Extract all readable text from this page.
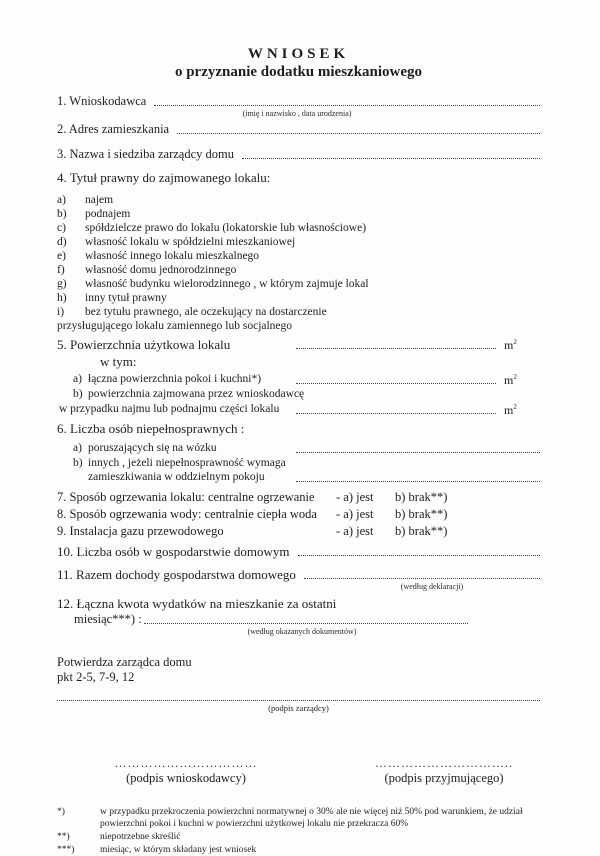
WNIOSEK
o przyznanie dodatku mieszkaniowego
1. Wnioskodawca
(imię i nazwisko , data urodzenia)
2. Adres zamieszkania
3. Nazwa i siedziba zarządcy domu
4. Tytuł prawny do zajmowanego lokalu:
a)	najem
b)	podnajem
c)	spółdzielcze prawo do lokalu (lokatorskie lub własnościowe)
d)	własność lokalu w spółdzielni mieszkaniowej
e)	własność innego lokalu mieszkalnego
f)	własność domu jednorodzinnego
g)	własność budynku wielorodzinnego , w którym zajmuje lokal
h)	inny tytuł prawny
i)	bez tytułu prawnego, ale oczekujący na dostarczenie
przysługującego lokalu zamiennego lub socjalnego
5. Powierzchnia użytkowa lokalu	$m^2$
w tym:
a) łączna powierzchnia pokoi i kuchni*)	$m^2$
b) powierzchnia zajmowana przez wnioskodawcę
w przypadku najmu lub podnajmu części lokalu	$m^2$
6. Liczba osób niepełnosprawnych :
a) poruszających się na wózku
b) innych , jeżeli niepełnosprawność wymaga
zamieszkiwania w oddzielnym pokoju
7. Sposób ogrzewania lokalu: centralne ogrzewanie	- a) jest	b) brak**)
8. Sposób ogrzewania wody: centralnie ciepła woda	- a) jest	b) brak**)
9. Instalacja gazu przewodowego	- a) jest	b) brak**)
10. Liczba osób w gospodarstwie domowym
11. Razem dochody gospodarstwa domowego
(według deklaracji)
12. Łączna kwota wydatków na mieszkanie za ostatni
miesiąc***) :
(według okazanych dokumentów)
Potwierdza zarządca domu
pkt 2-5, 7-9, 12
(podpis zarządcy)
……………………………
(podpis wnioskodawcy)
…………………………..
(podpis przyjmującego)
*)	w przypadku przekroczenia powierzchni normatywnej o 30% ale nie więcej niż 50% pod warunkiem, że udział powierzchni pokoi i kuchni w powierzchni użytkowej lokalu nie przekracza 60%
**)	niepotrzebne skreślić
***)	miesiąc, w którym składany jest wniosek
